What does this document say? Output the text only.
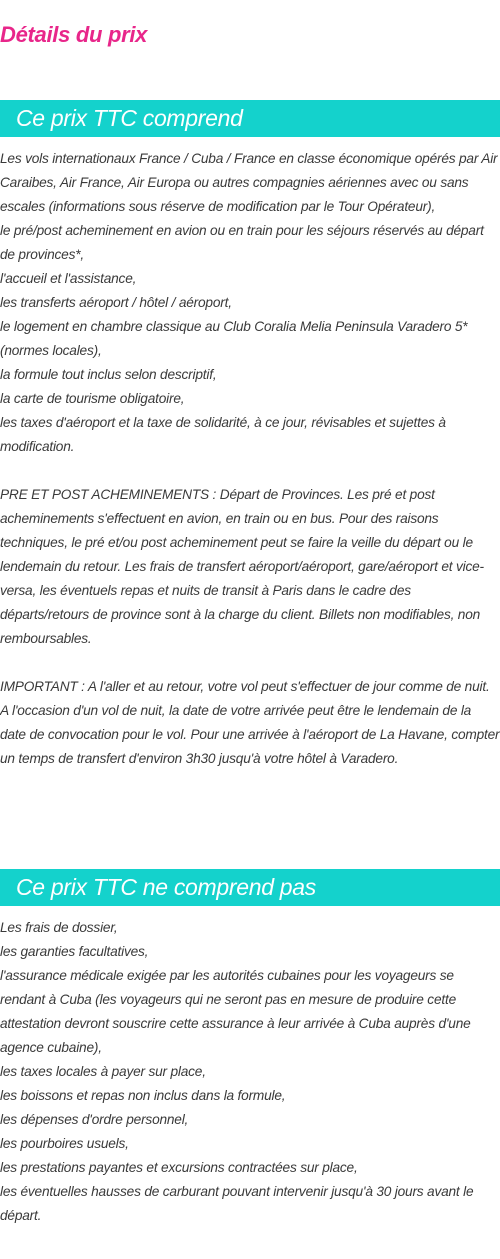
Détails du prix
Ce prix TTC comprend

Les vols internationaux France / Cuba / France en classe économique opérés par Air Caraibes, Air France, Air Europa ou autres compagnies aériennes avec ou sans escales (informations sous réserve de modification par le Tour Opérateur),

le pré/post acheminement en avion ou en train pour les séjours réservés au départ de provinces*,

l'accueil et l'assistance,

les transferts aéroport / hôtel / aéroport,

le logement en chambre classique au Club Coralia Melia Peninsula Varadero 5* (normes locales),

la formule tout inclus selon descriptif,

la carte de tourisme obligatoire,

les taxes d'aéroport et la taxe de solidarité, à ce jour, révisables et sujettes à modification.

PRE ET POST ACHEMINEMENTS : Départ de Provinces. Les pré et post acheminements s'effectuent en avion, en train ou en bus. Pour des raisons techniques, le pré et/ou post acheminement peut se faire la veille du départ ou le lendemain du retour. Les frais de transfert aéroport/aéroport, gare/aéroport et vice-versa, les éventuels repas et nuits de transit à Paris dans le cadre des départs/retours de province sont à la charge du client. Billets non modifiables, non remboursables.

IMPORTANT : A l'aller et au retour, votre vol peut s'effectuer de jour comme de nuit. A l'occasion d'un vol de nuit, la date de votre arrivée peut être le lendemain de la date de convocation pour le vol. Pour une arrivée à l'aéroport de La Havane, compter un temps de transfert d'environ 3h30 jusqu'à votre hôtel à Varadero.

Ce prix TTC ne comprend pas

Les frais de dossier,

les garanties facultatives,

l'assurance médicale exigée par les autorités cubaines pour les voyageurs se rendant à Cuba (les voyageurs qui ne seront pas en mesure de produire cette attestation devront souscrire cette assurance à leur arrivée à Cuba auprès d'une agence cubaine),

les taxes locales à payer sur place,

les boissons et repas non inclus dans la formule,

les dépenses d'ordre personnel,

les pourboires usuels,

les prestations payantes et excursions contractées sur place,

les éventuelles hausses de carburant pouvant intervenir jusqu'à 30 jours avant le départ.
